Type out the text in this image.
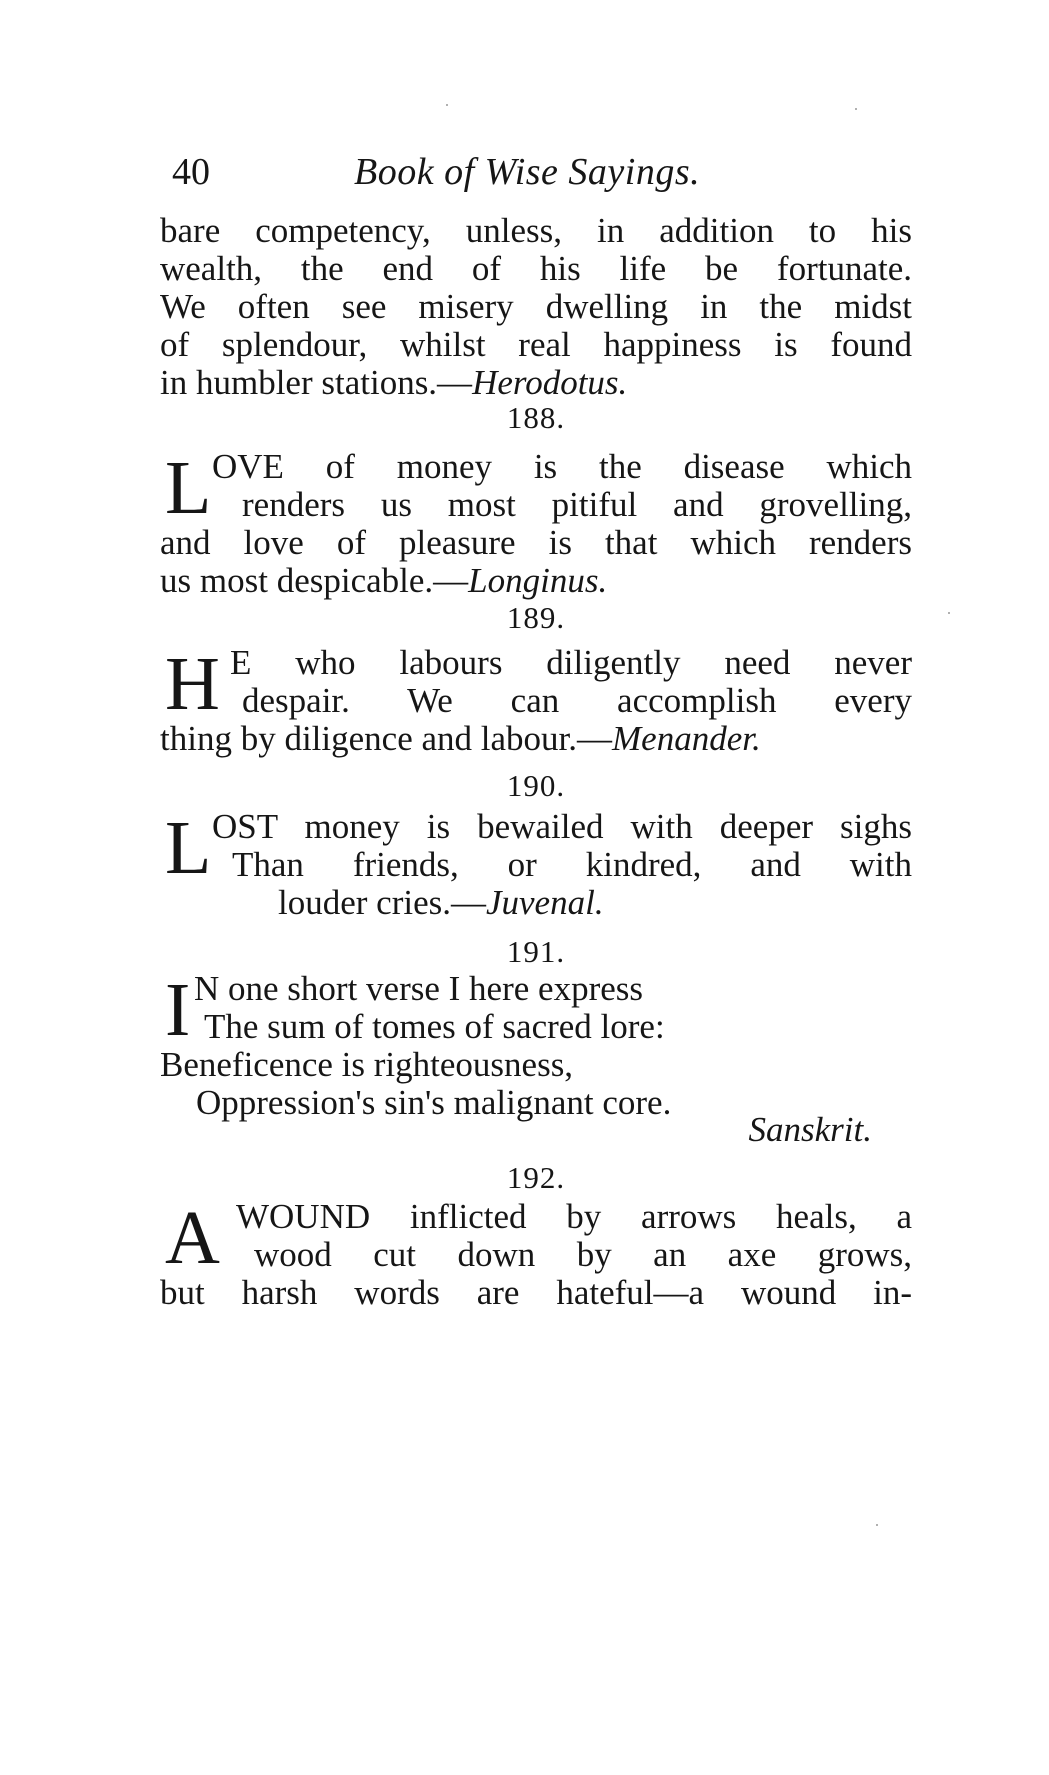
40	Book of Wise Sayings.
bare competency, unless, in addition to his
wealth, the end of his life be fortunate.
We often see misery dwelling in the midst
of splendour, whilst real happiness is found
in humbler stations.—Herodotus.
188.
L OVE of money is the disease which
renders us most pitiful and grovelling,
and love of pleasure is that which renders
us most despicable.—Longinus.
189.
H E who labours diligently need never
despair. We can accomplish every
thing by diligence and labour.—Menander.
190.
L OST money is bewailed with deeper sighs
Than friends, or kindred, and with
louder cries.—Juvenal.
191.
I N one short verse I here express
The sum of tomes of sacred lore:
Beneficence is righteousness,
Oppression's sin's malignant core.
Sanskrit.
192.
A WOUND inflicted by arrows heals, a
wood cut down by an axe grows,
but harsh words are hateful—a wound in-
